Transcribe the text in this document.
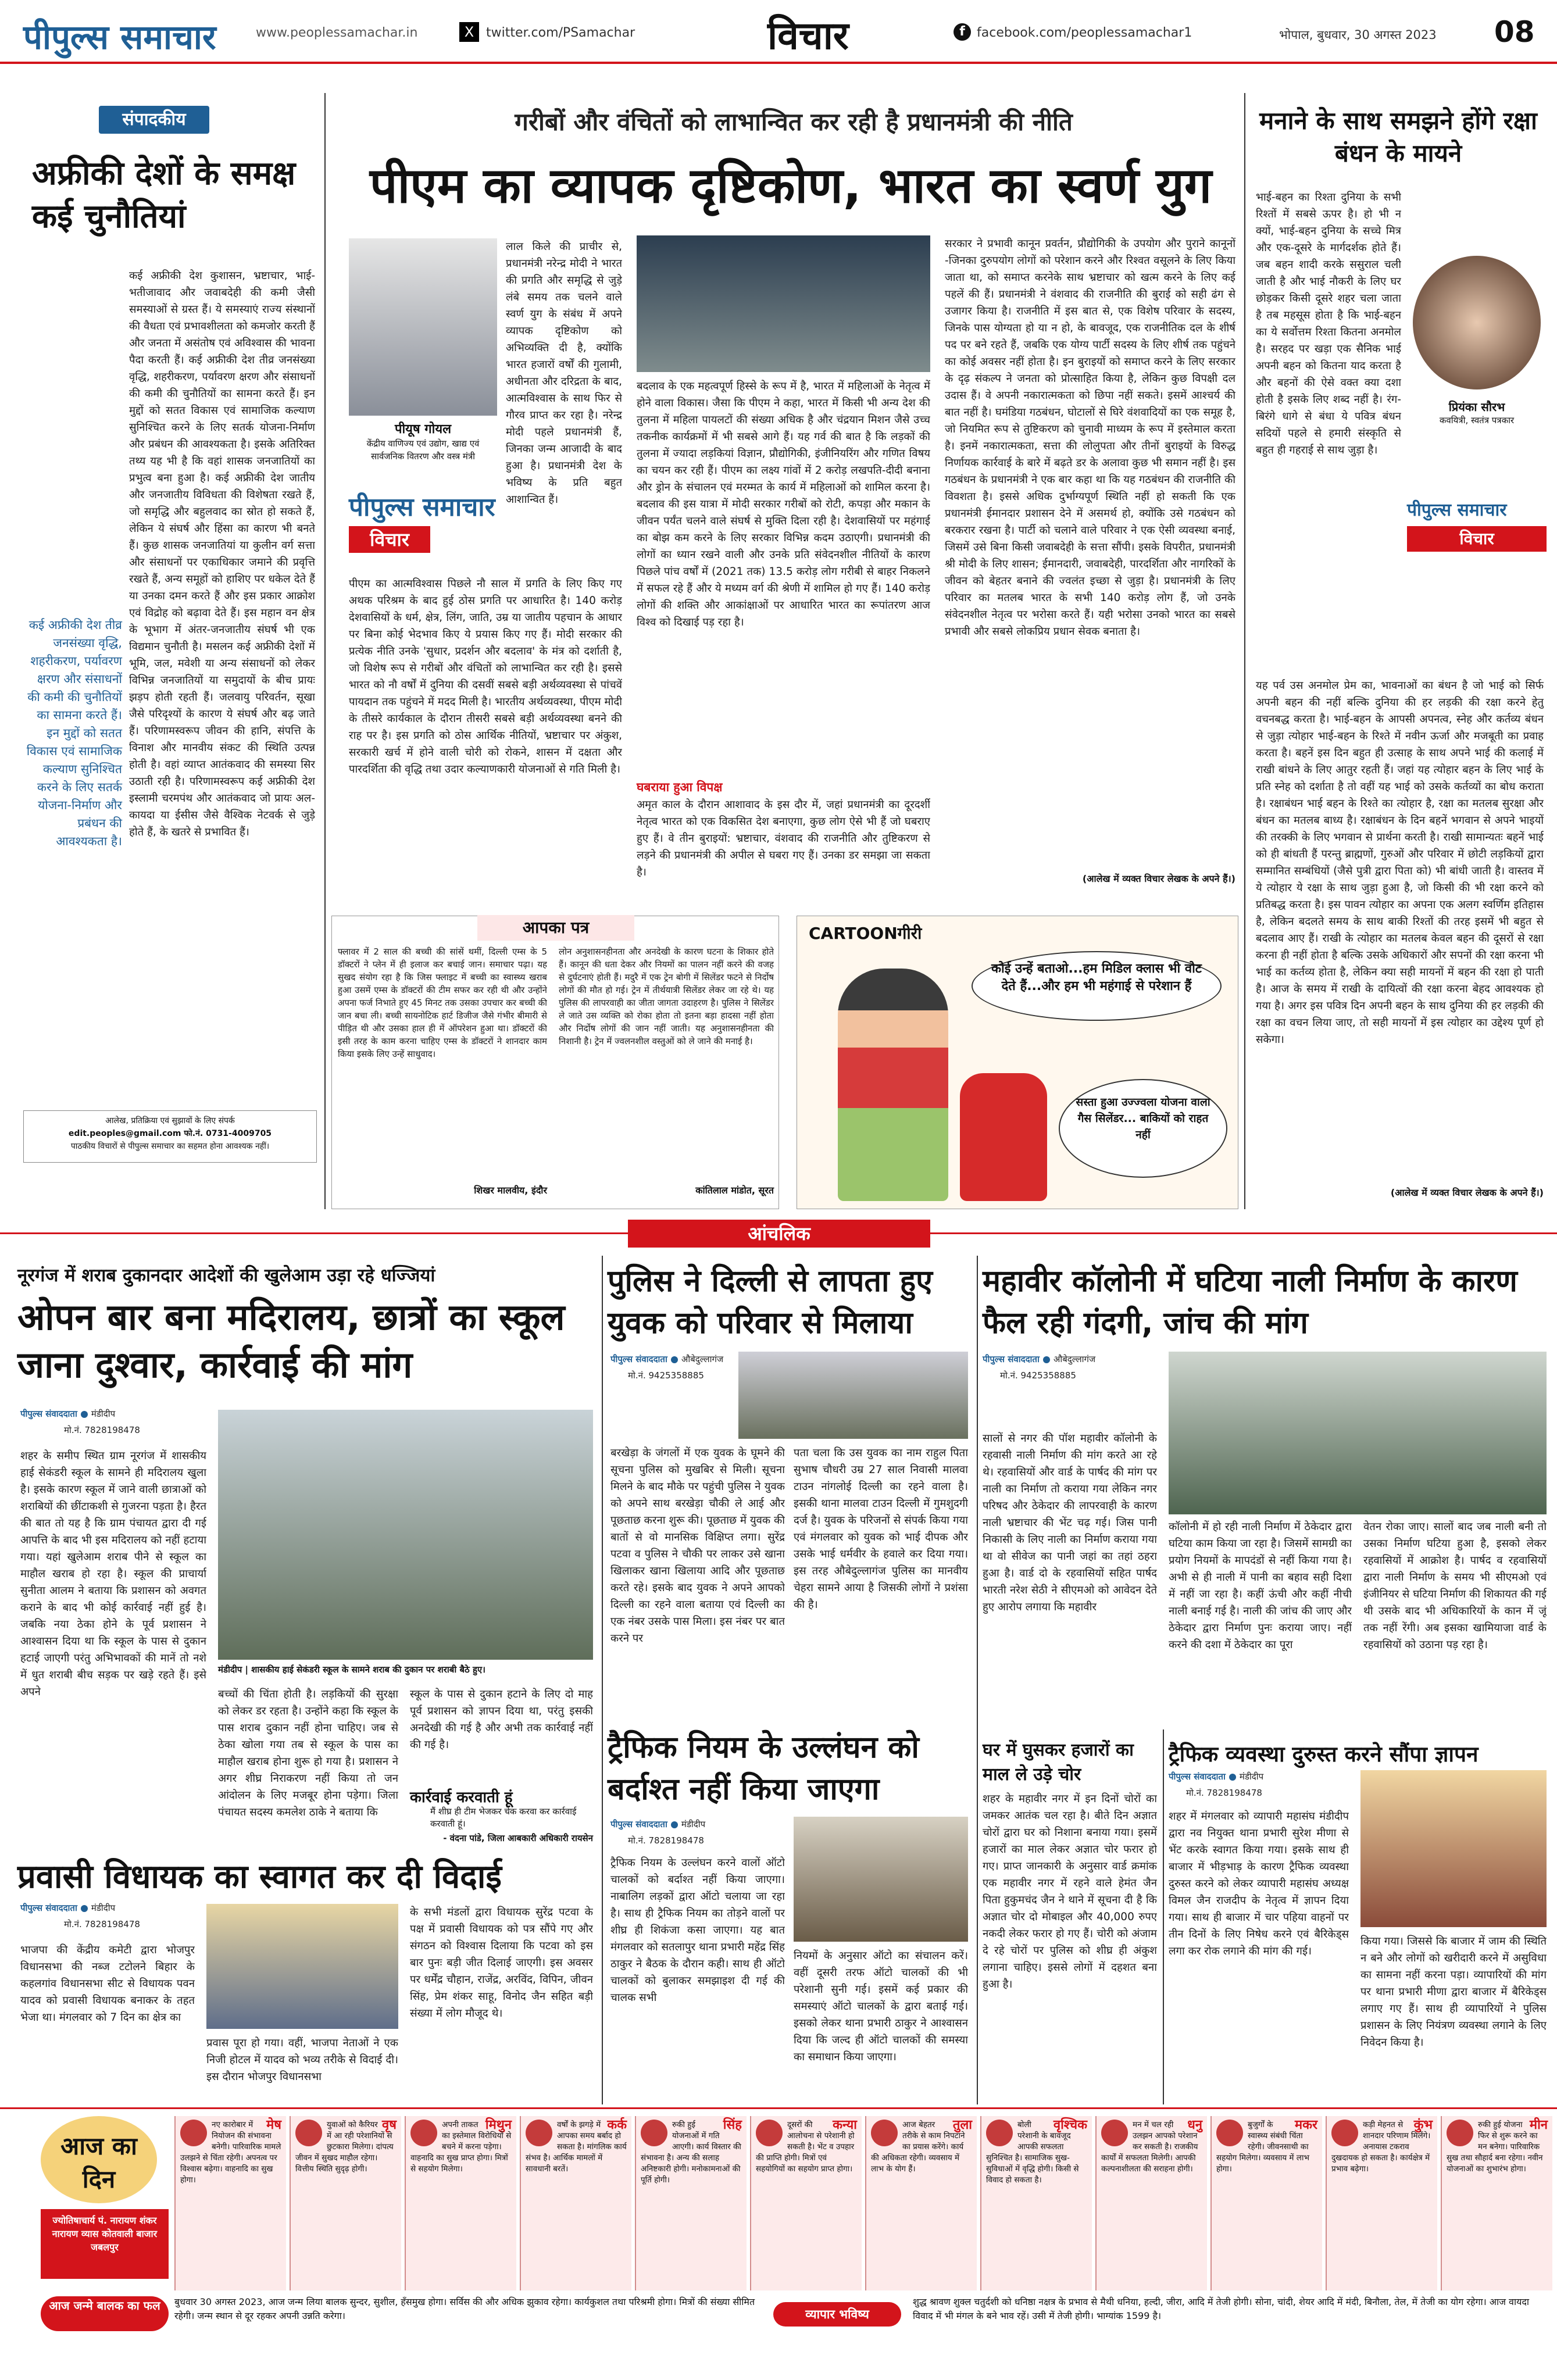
पीपुल्स समाचार	www.peoplessamachar.in	X twitter.com/PSamachar	विचार	f facebook.com/peoplessamachar1	भोपाल, बुधवार, 30 अगस्त 2023 08
संपादकीय
अफ्रीकी देशों के समक्ष कई चुनौतियां
कई अफ्रीकी देश कुशासन, भ्रष्टाचार, भाई-भतीजावाद और जवाबदेही की कमी जैसी समस्याओं से ग्रस्त हैं। ये समस्याएं राज्य संस्थानों की वैधता एवं प्रभावशीलता को कमजोर करती हैं और जनता में असंतोष एवं अविश्वास की भावना पैदा करती हैं। कई अफ्रीकी देश तीव्र जनसंख्या वृद्धि, शहरीकरण, पर्यावरण क्षरण और संसाधनों की कमी की चुनौतियों का सामना करते हैं। इन मुद्दों को सतत विकास एवं सामाजिक कल्याण सुनिश्चित करने के लिए सतर्क योजना-निर्माण और प्रबंधन की आवश्यकता है। इसके अतिरिक्त तथ्य यह भी है कि वहां शासक जनजातियों का प्रभुत्व बना हुआ है। कई अफ्रीकी देश जातीय और जनजातीय विविधता की विशेषता रखते हैं, जो समृद्धि और बहुलवाद का स्रोत हो सकते हैं, लेकिन ये संघर्ष और हिंसा का कारण भी बनते हैं। कुछ शासक जनजातियां या कुलीन वर्ग सत्ता और संसाधनों पर एकाधिकार जमाने की प्रवृत्ति रखते हैं, अन्य समूहों को हाशिए पर धकेल देते हैं या उनका दमन करते हैं और इस प्रकार आक्रोश एवं विद्रोह को बढ़ावा देते हैं। इस महान वन क्षेत्र के भूभाग में अंतर-जनजातीय संघर्ष भी एक विद्यमान चुनौती है। मसलन कई अफ्रीकी देशों में भूमि, जल, मवेशी या अन्य संसाधनों को लेकर विभिन्न जनजातियों या समुदायों के बीच प्रायः झड़प होती रहती हैं। जलवायु परिवर्तन, सूखा जैसे परिदृश्यों के कारण ये संघर्ष और बढ़ जाते हैं। परिणामस्वरूप जीवन की हानि, संपत्ति के विनाश और मानवीय संकट की स्थिति उत्पन्न होती है। वहां व्याप्त आतंकवाद की समस्या सिर उठाती रही है। परिणामस्वरूप कई अफ्रीकी देश इस्लामी चरमपंथ और आतंकवाद जो प्रायः अल-कायदा या ईसीस जैसे वैश्विक नेटवर्क से जुड़े होते हैं, के खतरे से प्रभावित हैं।
कई अफ्रीकी देश तीव्र जनसंख्या वृद्धि, शहरीकरण, पर्यावरण क्षरण और संसाधनों की कमी की चुनौतियों का सामना करते हैं। इन मुद्दों को सतत विकास एवं सामाजिक कल्याण सुनिश्चित करने के लिए सतर्क योजना-निर्माण और प्रबंधन की आवश्यकता है।
आलेख, प्रतिक्रिया एवं सुझावों के लिए संपर्क
edit.peoples@gmail.com फो.नं. 0731-4009705
पाठकीय विचारों से पीपुल्स समाचार का सहमत होना आवश्यक नहीं।
गरीबों और वंचितों को लाभान्वित कर रही है प्रधानमंत्री की नीति
पीएम का व्यापक दृष्टिकोण, भारत का स्वर्ण युग
पीयूष गोयल
केंद्रीय वाणिज्य एवं उद्योग, खाद्य एवं सार्वजनिक वितरण और वस्त्र मंत्री
पीपुल्स समाचार
विचार
लाल किले की प्राचीर से, प्रधानमंत्री नरेन्द्र मोदी ने भारत की प्रगति और समृद्धि से जुड़े लंबे समय तक चलने वाले स्वर्ण युग के संबंध में अपने व्यापक दृष्टिकोण को अभिव्यक्ति दी है, क्योंकि भारत हजारों वर्षों की गुलामी, अधीनता और दरिद्रता के बाद, आत्मविश्वास के साथ फिर से गौरव प्राप्त कर रहा है। नरेन्द्र मोदी पहले प्रधानमंत्री हैं, जिनका जन्म आजादी के बाद हुआ है। प्रधानमंत्री देश के भविष्य के प्रति बहुत आशान्वित हैं।
पीएम का आत्मविश्वास पिछले नौ साल में प्रगति के लिए किए गए अथक परिश्रम के बाद हुई ठोस प्रगति पर आधारित है। 140 करोड़ देशवासियों के धर्म, क्षेत्र, लिंग, जाति, उम्र या जातीय पहचान के आधार पर बिना कोई भेदभाव किए ये प्रयास किए गए हैं। मोदी सरकार की प्रत्येक नीति उनके 'सुधार, प्रदर्शन और बदलाव' के मंत्र को दर्शाती है, जो विशेष रूप से गरीबों और वंचितों को लाभान्वित कर रही है। इससे भारत को नौ वर्षों में दुनिया की दसवीं सबसे बड़ी अर्थव्यवस्था से पांचवें पायदान तक पहुंचने में मदद मिली है। भारतीय अर्थव्यवस्था, पीएम मोदी के तीसरे कार्यकाल के दौरान तीसरी सबसे बड़ी अर्थव्यवस्था बनने की राह पर है। इस प्रगति को ठोस आर्थिक नीतियों, भ्रष्टाचार पर अंकुश, सरकारी खर्च में होने वाली चोरी को रोकने, शासन में दक्षता और पारदर्शिता की वृद्धि तथा उदार कल्याणकारी योजनाओं से गति मिली है।
बदलाव के एक महत्वपूर्ण हिस्से के रूप में है, भारत में महिलाओं के नेतृत्व में होने वाला विकास। जैसा कि पीएम ने कहा, भारत में किसी भी अन्य देश की तुलना में महिला पायलटों की संख्या अधिक है और चंद्रयान मिशन जैसे उच्च तकनीक कार्यक्रमों में भी सबसे आगे हैं। यह गर्व की बात है कि लड़कों की तुलना में ज्यादा लड़कियां विज्ञान, प्रौद्योगिकी, इंजीनियरिंग और गणित विषय का चयन कर रही हैं। पीएम का लक्ष्य गांवों में 2 करोड़ लखपति-दीदी बनाना और ड्रोन के संचालन एवं मरम्मत के कार्य में महिलाओं को शामिल करना है। बदलाव की इस यात्रा में मोदी सरकार गरीबों को रोटी, कपड़ा और मकान के जीवन पर्यंत चलने वाले संघर्ष से मुक्ति दिला रही है। देशवासियों पर महंगाई का बोझ कम करने के लिए सरकार विभिन्न कदम उठाएगी। प्रधानमंत्री की लोगों का ध्यान रखने वाली और उनके प्रति संवेदनशील नीतियों के कारण पिछले पांच वर्षों में (2021 तक) 13.5 करोड़ लोग गरीबी से बाहर निकलने में सफल रहे हैं और ये मध्यम वर्ग की श्रेणी में शामिल हो गए हैं। 140 करोड़ लोगों की शक्ति और आकांक्षाओं पर आधारित भारत का रूपांतरण आज विश्व को दिखाई पड़ रहा है।
घबराया हुआ विपक्ष
अमृत काल के दौरान आशावाद के इस दौर में, जहां प्रधानमंत्री का दूरदर्शी नेतृत्व भारत को एक विकसित देश बनाएगा, कुछ लोग ऐसे भी हैं जो घबराए हुए हैं। वे तीन बुराइयों: भ्रष्टाचार, वंशवाद की राजनीति और तुष्टिकरण से लड़ने की प्रधानमंत्री की अपील से घबरा गए हैं। उनका डर समझा जा सकता है।
सरकार ने प्रभावी कानून प्रवर्तन, प्रौद्योगिकी के उपयोग और पुराने कानूनों -जिनका दुरुपयोग लोगों को परेशान करने और रिश्वत वसूलने के लिए किया जाता था, को समाप्त करनेके साथ भ्रष्टाचार को खत्म करने के लिए कई पहलें की हैं। प्रधानमंत्री ने वंशवाद की राजनीति की बुराई को सही ढंग से उजागर किया है। राजनीति में इस बात से, एक विशेष परिवार के सदस्य, जिनके पास योग्यता हो या न हो, के बावजूद, एक राजनीतिक दल के शीर्ष पद पर बने रहते हैं, जबकि एक योग्य पार्टी सदस्य के लिए शीर्ष तक पहुंचने का कोई अवसर नहीं होता है। इन बुराइयों को समाप्त करने के लिए सरकार के दृढ़ संकल्प ने जनता को प्रोत्साहित किया है, लेकिन कुछ विपक्षी दल उदास हैं। वे अपनी नकारात्मकता को छिपा नहीं सकते। इसमें आश्चर्य की बात नहीं है। घमंडिया गठबंधन, घोटालों से घिरे वंशवादियों का एक समूह है, जो नियमित रूप से तुष्टिकरण को चुनावी माध्यम के रूप में इस्तेमाल करता है। इनमें नकारात्मकता, सत्ता की लोलुपता और तीनों बुराइयों के विरुद्ध निर्णायक कार्रवाई के बारे में बढ़ते डर के अलावा कुछ भी समान नहीं है। इस गठबंधन के प्रधानमंत्री ने एक बार कहा था कि यह गठबंधन की राजनीति की विवशता है। इससे अधिक दुर्भाग्यपूर्ण स्थिति नहीं हो सकती कि एक प्रधानमंत्री ईमानदार प्रशासन देने में असमर्थ हो, क्योंकि उसे गठबंधन को बरकरार रखना है। पार्टी को चलाने वाले परिवार ने एक ऐसी व्यवस्था बनाई, जिसमें उसे बिना किसी जवाबदेही के सत्ता सौंपी। इसके विपरीत, प्रधानमंत्री श्री मोदी के लिए शासन; ईमानदारी, जवाबदेही, पारदर्शिता और नागरिकों के जीवन को बेहतर बनाने की ज्वलंत इच्छा से जुड़ा है। प्रधानमंत्री के लिए परिवार का मतलब भारत के सभी 140 करोड़ लोग हैं, जो उनके संवेदनशील नेतृत्व पर भरोसा करते हैं। यही भरोसा उनको भारत का सबसे प्रभावी और सबसे लोकप्रिय प्रधान सेवक बनाता है।
(आलेख में व्यक्त विचार लेखक के अपने हैं।)
मनाने के साथ समझने होंगे रक्षा बंधन के मायने
भाई-बहन का रिश्ता दुनिया के सभी रिश्तों में सबसे ऊपर है। हो भी न क्यों, भाई-बहन दुनिया के सच्चे मित्र और एक-दूसरे के मार्गदर्शक होते हैं। जब बहन शादी करके ससुराल चली जाती है और भाई नौकरी के लिए घर छोड़कर किसी दूसरे शहर चला जाता है तब महसूस होता है कि भाई-बहन का ये सर्वोत्तम रिश्ता कितना अनमोल है। सरहद पर खड़ा एक सैनिक भाई अपनी बहन को कितना याद करता है और बहनों की ऐसे वक्त क्या दशा होती है इसके लिए शब्द नहीं है। रंग-बिरंगे धागे से बंधा ये पवित्र बंधन सदियों पहले से हमारी संस्कृति से बहुत ही गहराई से साथ जुड़ा है।
प्रियंका सौरभ
कवयित्री, स्वतंत्र पत्रकार
पीपुल्स समाचार
विचार
यह पर्व उस अनमोल प्रेम का, भावनाओं का बंधन है जो भाई को सिर्फ अपनी बहन की नहीं बल्कि दुनिया की हर लड़की की रक्षा करने हेतु वचनबद्ध करता है। भाई-बहन के आपसी अपनत्व, स्नेह और कर्तव्य बंधन से जुड़ा त्योहार भाई-बहन के रिश्ते में नवीन ऊर्जा और मजबूती का प्रवाह करता है। बहनें इस दिन बहुत ही उत्साह के साथ अपने भाई की कलाई में राखी बांधने के लिए आतुर रहती हैं। जहां यह त्योहार बहन के लिए भाई के प्रति स्नेह को दर्शाता है तो वहीं यह भाई को उसके कर्तव्यों का बोध कराता है। रक्षाबंधन भाई बहन के रिश्ते का त्योहार है, रक्षा का मतलब सुरक्षा और बंधन का मतलब बाध्य है। रक्षाबंधन के दिन बहनें भगवान से अपने भाइयों की तरक्की के लिए भगवान से प्रार्थना करती है। राखी सामान्यतः बहनें भाई को ही बांधती हैं परन्तु ब्राह्मणों, गुरुओं और परिवार में छोटी लड़कियों द्वारा सम्मानित सम्बंधियों (जैसे पुत्री द्वारा पिता को) भी बांधी जाती है। वास्तव में ये त्योहार ये रक्षा के साथ जुड़ा हुआ है, जो किसी की भी रक्षा करने को प्रतिबद्ध करता है। इस पावन त्योहार का अपना एक अलग स्वर्णिम इतिहास है, लेकिन बदलते समय के साथ बाकी रिश्तों की तरह इसमें भी बहुत से बदलाव आए हैं। राखी के त्योहार का मतलब केवल बहन की दूसरों से रक्षा करना ही नहीं होता है बल्कि उसके अधिकारों और सपनों की रक्षा करना भी भाई का कर्तव्य होता है, लेकिन क्या सही मायनों में बहन की रक्षा हो पाती है। आज के समय में राखी के दायित्वों की रक्षा करना बेहद आवश्यक हो गया है। अगर इस पवित्र दिन अपनी बहन के साथ दुनिया की हर लड़की की रक्षा का वचन लिया जाए, तो सही मायनों में इस त्योहार का उद्देश्य पूर्ण हो सकेगा।
(आलेख में व्यक्त विचार लेखक के अपने हैं।)
आपका पत्र
फ्लावर में 2 साल की बच्ची की सांसें थमीं, दिल्ली एम्स के 5 डॉक्टरों ने प्लेन में ही इलाज कर बचाई जान। समाचार पढ़ा। यह सुखद संयोग रहा है कि जिस फ्लाइट में बच्ची का स्वास्थ्य खराब हुआ उसमें एम्स के डॉक्टरों की टीम सफर कर रही थी और उन्होंने अपना फर्ज निभाते हुए 45 मिनट तक उसका उपचार कर बच्ची की जान बचा ली। बच्ची सायनोटिक हार्ट डिजीज जैसे गंभीर बीमारी से पीड़ित थी और उसका हाल ही में ऑपरेशन हुआ था। डॉक्टरों की इसी तरह के काम करना चाहिए एम्स के डॉक्टरों ने शानदार काम किया इसके लिए उन्हें साधुवाद।
शिखर मालवीय, इंदौर
लोन अनुशासनहीनता और अनदेखी के कारण घटना के शिकार होते हैं। कानून की धता देकर और नियमों का पालन नहीं करने की वजह से दुर्घटनाएं होती हैं। मदुरै में एक ट्रेन बोगी में सिलेंडर फटने से निर्दोष लोगों की मौत हो गई। ट्रेन में तीर्थयात्री सिलेंडर लेकर जा रहे थे। यह पुलिस की लापरवाही का जीता जागता उदाहरण है। पुलिस ने सिलेंडर ले जाते उस व्यक्ति को रोका होता तो इतना बड़ा हादसा नहीं होता और निर्दोष लोगों की जान नहीं जाती। यह अनुशासनहीनता की निशानी है। ट्रेन में ज्वलनशील वस्तुओं को ले जाने की मनाई है।
कांतिलाल मांडोत, सूरत
CARTOONगीरी
कोई उन्हें बताओ...हम मिडिल क्लास भी वोट देते हैं...और हम भी महंगाई से परेशान हैं
सस्ता हुआ उज्ज्वला योजना वाला गैस सिलेंडर... बाकियों को राहत नहीं
आंचलिक
नूरगंज में शराब दुकानदार आदेशों की खुलेआम उड़ा रहे धज्जियां
ओपन बार बना मदिरालय, छात्रों का स्कूल जाना दुश्वार, कार्रवाई की मांग
पीपुल्स संवाददाता मंडीदीप
मो.नं. 7828198478
शहर के समीप स्थित ग्राम नूरगंज में शासकीय हाई सेकंडरी स्कूल के सामने ही मदिरालय खुला है। इसके कारण स्कूल में जाने वाली छात्राओं को शराबियों की छींटाकशी से गुजरना पड़ता है। हैरत की बात तो यह है कि ग्राम पंचायत द्वारा दी गई आपत्ति के बाद भी इस मदिरालय को नहीं हटाया गया। यहां खुलेआम शराब पीने से स्कूल का माहौल खराब हो रहा है। स्कूल की प्राचार्या सुनीता आलम ने बताया कि प्रशासन को अवगत कराने के बाद भी कोई कार्रवाई नहीं हुई है। जबकि नया ठेका होने के पूर्व प्रशासन ने आश्वासन दिया था कि स्कूल के पास से दुकान हटाई जाएगी परंतु अभिभावकों की मानें तो नशे में धुत शराबी बीच सड़क पर खड़े रहते हैं। इसे अपने
मंडीदीप | शासकीय हाई सेकंडरी स्कूल के सामने शराब की दुकान पर शराबी बैठे हुए।
बच्चों की चिंता होती है। लड़कियों की सुरक्षा को लेकर डर रहता है। उन्होंने कहा कि स्कूल के पास शराब दुकान नहीं होना चाहिए। जब से ठेका खोला गया तब से स्कूल के पास का माहौल खराब होना शुरू हो गया है। प्रशासन ने अगर शीघ्र निराकरण नहीं किया तो जन आंदोलन के लिए मजबूर होना पड़ेगा। जिला पंचायत सदस्य कमलेश ठाके ने बताया कि
स्कूल के पास से दुकान हटाने के लिए दो माह पूर्व प्रशासन को ज्ञापन दिया था, परंतु इसकी अनदेखी की गई है और अभी तक कार्रवाई नहीं की गई है।
कार्रवाई करवाती हूं
मैं शीघ्र ही टीम भेजकर चेक करवा कर कार्रवाई करवाती हूं।
- वंदना पांडे, जिला आबकारी अधिकारी रायसेन
प्रवासी विधायक का स्वागत कर दी विदाई
पीपुल्स संवाददाता मंडीदीप
मो.नं. 7828198478
भाजपा की केंद्रीय कमेटी द्वारा भोजपुर विधानसभा की नब्ज टटोलने बिहार के कहलगांव विधानसभा सीट से विधायक पवन यादव को प्रवासी विधायक बनाकर के तहत भेजा था। मंगलवार को 7 दिन का क्षेत्र का
प्रवास पूरा हो गया। वहीं, भाजपा नेताओं ने एक निजी होटल में यादव को भव्य तरीके से विदाई दी। इस दौरान भोजपुर विधानसभा
के सभी मंडलों द्वारा विधायक सुरेंद्र पटवा के पक्ष में प्रवासी विधायक को पत्र सौंपे गए और संगठन को विश्वास दिलाया कि पटवा को इस बार पुनः बड़ी जीत दिलाई जाएगी। इस अवसर पर धर्मेंद्र चौहान, राजेंद्र, अरविंद, विपिन, जीवन सिंह, प्रेम शंकर साहू, विनोद जैन सहित बड़ी संख्या में लोग मौजूद थे।
पुलिस ने दिल्ली से लापता हुए युवक को परिवार से मिलाया
पीपुल्स संवाददाता औबेदुल्लागंज
मो.नं. 9425358885
बरखेड़ा के जंगलों में एक युवक के घूमने की सूचना पुलिस को मुखबिर से मिली। सूचना मिलने के बाद मौके पर पहुंची पुलिस ने युवक को अपने साथ बरखेड़ा चौकी ले आई और पूछताछ करना शुरू की। पूछताछ में युवक की बातों से वो मानसिक विक्षिप्त लगा। सुरेंद्र पटवा व पुलिस ने चौकी पर लाकर उसे खाना खिलाकर खाना खिलाया आदि और पूछताछ करते रहे। इसके बाद युवक ने अपने आपको दिल्ली का रहने वाला बताया एवं दिल्ली का एक नंबर उसके पास मिला। इस नंबर पर बात करने पर
पता चला कि उस युवक का नाम राहुल पिता सुभाष चौधरी उम्र 27 साल निवासी मालवा टाउन नांगलोई दिल्ली का रहने वाला है। इसकी थाना मालवा टाउन दिल्ली में गुमशुदगी दर्ज है। युवक के परिजनों से संपर्क किया गया एवं मंगलवार को युवक को भाई दीपक और उसके भाई धर्मवीर के हवाले कर दिया गया। इस तरह औबेदुल्लागंज पुलिस का मानवीय चेहरा सामने आया है जिसकी लोगों ने प्रशंसा की है।
ट्रैफिक नियम के उल्लंघन को बर्दाश्त नहीं किया जाएगा
पीपुल्स संवाददाता मंडीदीप
मो.नं. 7828198478
ट्रैफिक नियम के उल्लंघन करने वालों ऑटो चालकों को बर्दाश्त नहीं किया जाएगा। नाबालिग लड़कों द्वारा ऑटो चलाया जा रहा है। साथ ही ट्रैफिक नियम का तोड़ने वालों पर शीघ्र ही शिकंजा कसा जाएगा। यह बात मंगलवार को सतलापुर थाना प्रभारी महेंद्र सिंह ठाकुर ने बैठक के दौरान कही। साथ ही ऑटो चालकों को बुलाकर समझाइश दी गई की चालक सभी
नियमों के अनुसार ऑटो का संचालन करें। वहीं दूसरी तरफ ऑटो चालकों की भी परेशानी सुनी गई। इसमें कई प्रकार की समस्याएं ऑटो चालकों के द्वारा बताई गई। इसको लेकर थाना प्रभारी ठाकुर ने आश्वासन दिया कि जल्द ही ऑटो चालकों की समस्या का समाधान किया जाएगा।
महावीर कॉलोनी में घटिया नाली निर्माण के कारण फैल रही गंदगी, जांच की मांग
पीपुल्स संवाददाता औबेदुल्लागंज
मो.नं. 9425358885
सालों से नगर की पॉश महावीर कॉलोनी के रहवासी नाली निर्माण की मांग करते आ रहे थे। रहवासियों और वार्ड के पार्षद की मांग पर नाली का निर्माण तो कराया गया लेकिन नगर परिषद और ठेकेदार की लापरवाही के कारण नाली भ्रष्टाचार की भेंट चढ़ गई। जिस पानी निकासी के लिए नाली का निर्माण कराया गया था वो सीवेज का पानी जहां का तहां ठहरा हुआ है। वार्ड दो के रहवासियों सहित पार्षद भारती नरेश सेठी ने सीएमओ को आवेदन देते हुए आरोप लगाया कि महावीर
कॉलोनी में हो रही नाली निर्माण में ठेकेदार द्वारा घटिया काम किया जा रहा है। जिसमें सामग्री का प्रयोग नियमों के मापदंडों से नहीं किया गया है। अभी से ही नाली में पानी का बहाव सही दिशा में नहीं जा रहा है। कहीं ऊंची और कहीं नीची नाली बनाई गई है। नाली की जांच की जाए और ठेकेदार द्वारा निर्माण पुनः कराया जाए। नहीं करने की दशा में ठेकेदार का पूरा
वेतन रोका जाए। सालों बाद जब नाली बनी तो उसका निर्माण घटिया हुआ है, इसको लेकर रहवासियों में आक्रोश है। पार्षद व रहवासियों द्वारा नाली निर्माण के समय भी सीएमओ एवं इंजीनियर से घटिया निर्माण की शिकायत की गई थी उसके बाद भी अधिकारियों के कान में जूं तक नहीं रेंगी। अब इसका खामियाजा वार्ड के रहवासियों को उठाना पड़ रहा है।
घर में घुसकर हजारों का माल ले उड़े चोर
शहर के महावीर नगर में इन दिनों चोरों का जमकर आतंक चल रहा है। बीते दिन अज्ञात चोरों द्वारा घर को निशाना बनाया गया। इसमें हजारों का माल लेकर अज्ञात चोर फरार हो गए। प्राप्त जानकारी के अनुसार वार्ड क्रमांक एक महावीर नगर में रहने वाले हेमंत जैन पिता हुकुमचंद जैन ने थाने में सूचना दी है कि अज्ञात चोर दो मोबाइल और 40,000 रुपए नकदी लेकर फरार हो गए हैं। चोरी को अंजाम दे रहे चोरों पर पुलिस को शीघ्र ही अंकुश लगाना चाहिए। इससे लोगों में दहशत बना हुआ है।
ट्रैफिक व्यवस्था दुरुस्त करने सौंपा ज्ञापन
पीपुल्स संवाददाता मंडीदीप
मो.नं. 7828198478
शहर में मंगलवार को व्यापारी महासंघ मंडीदीप द्वारा नव नियुक्त थाना प्रभारी सुरेश मीणा से भेंट करके स्वागत किया गया। इसके साथ ही बाजार में भीड़भाड़ के कारण ट्रैफिक व्यवस्था दुरुस्त करने को लेकर व्यापारी महासंघ अध्यक्ष विमल जैन राजदीप के नेतृत्व में ज्ञापन दिया गया। साथ ही बाजार में चार पहिया वाहनों पर तीन दिनों के लिए निषेध करने एवं बैरिकेड्स लगा कर रोक लगाने की मांग की गई।
किया गया। जिससे कि बाजार में जाम की स्थिति न बने और लोगों को खरीदारी करने में असुविधा का सामना नहीं करना पड़ा। व्यापारियों की मांग पर थाना प्रभारी मीणा द्वारा बाजार में बैरिकेड्स लगाए गए हैं। साथ ही व्यापारियों ने पुलिस प्रशासन के लिए नियंत्रण व्यवस्था लगाने के लिए निवेदन किया है।
आज का
दिन
ज्योतिषाचार्य पं. नारायण शंकर नारायण व्यास कोतवाली बाजार जबलपुर
मेष
नए कारोबार में नियोजन की संभावना बनेगी। पारिवारिक मामले उलझने से चिंता रहेगी। अपनत्व पर विश्वास बढ़ेगा। वाहनादि का सुख होगा।
वृष
युवाओं को कैरियर में आ रही परेशानियों से छुटकारा मिलेगा। दांपत्य जीवन में सुखद माहौल रहेगा। वित्तीय स्थिति सुदृढ़ होगी।
मिथुन
अपनी ताकत का इस्तेमाल विरोधियों से बचने में करना पड़ेगा। वाहनादि का सुख प्राप्त होगा। मित्रों से सहयोग मिलेगा।
कर्क
वर्षों के झगड़े में आपका समय बर्बाद हो सकता है। मांगलिक कार्य संभव है। आर्थिक मामलों में सावधानी बरतें।
सिंह
रुकी हुई योजनाओं में गति आएगी। कार्य विस्तार की संभावना है। अन्य की सलाह अनिष्टकारी होगी। मनोकामनाओं की पूर्ति होगी।
कन्या
दूसरों की आलोचना से परेशानी हो सकती है। भेंट व उपहार की प्राप्ति होगी। मित्रों एवं सहयोगियों का सहयोग प्राप्त होगा।
तुला
आज बेहतर तरीके से काम निपटाने का प्रयास करेंगे। कार्य की अधिकता रहेगी। व्यवसाय में लाभ के योग हैं।
वृश्चिक
बोली परेशानी के बावजूद आपकी सफलता सुनिश्चित है। सामाजिक सुख-सुविधाओं में वृद्धि होगी। किसी से विवाद हो सकता है।
धनु
मन में चल रही उलझन आपको परेशान कर सकती है। राजकीय कार्यों में सफलता मिलेगी। आपकी कल्पनाशीलता की सराहना होगी।
मकर
बुजुर्गों के स्वास्थ्य संबंधी चिंता रहेगी। जीवनसाथी का सहयोग मिलेगा। व्यवसाय में लाभ होगा।
कुंभ
कड़ी मेहनत से शानदार परिणाम मिलेंगे। अनायास टकराव दुखदायक हो सकता है। कार्यक्षेत्र में प्रभाव बढ़ेगा।
मीन
रुकी हुई योजना फिर से शुरू करने का मन बनेगा। पारिवारिक सुख तथा सौहार्द बना रहेगा। नवीन योजनाओं का शुभारंभ होगा।
आज जन्मे बालक का फल	बुधवार 30 अगस्त 2023, आज जन्म लिया बालक सुन्दर, सुशील, हँसमुख होगा। सर्विस की और अधिक झुकाव रहेगा। कार्यकुशल तथा परिश्रमी होगा। मित्रों की संख्या सीमित रहेगी। जन्म स्थान से दूर रहकर अपनी उन्नति करेगा।	व्यापार भविष्य
शुद्ध श्रावण शुक्ल चतुर्दशी को धनिष्ठा नक्षत्र के प्रभाव से मैथी धनिया, हल्दी, जीरा, आदि में तेजी होगी। सोना, चांदी, शेयर आदि में मंदी, बिनौला, तेल, में तेजी का योग रहेगा। आज वायदा विवाद में भी मंगल के बने भाव रहें। उसी में तेजी होगी। भाग्यांक 1599 है।
